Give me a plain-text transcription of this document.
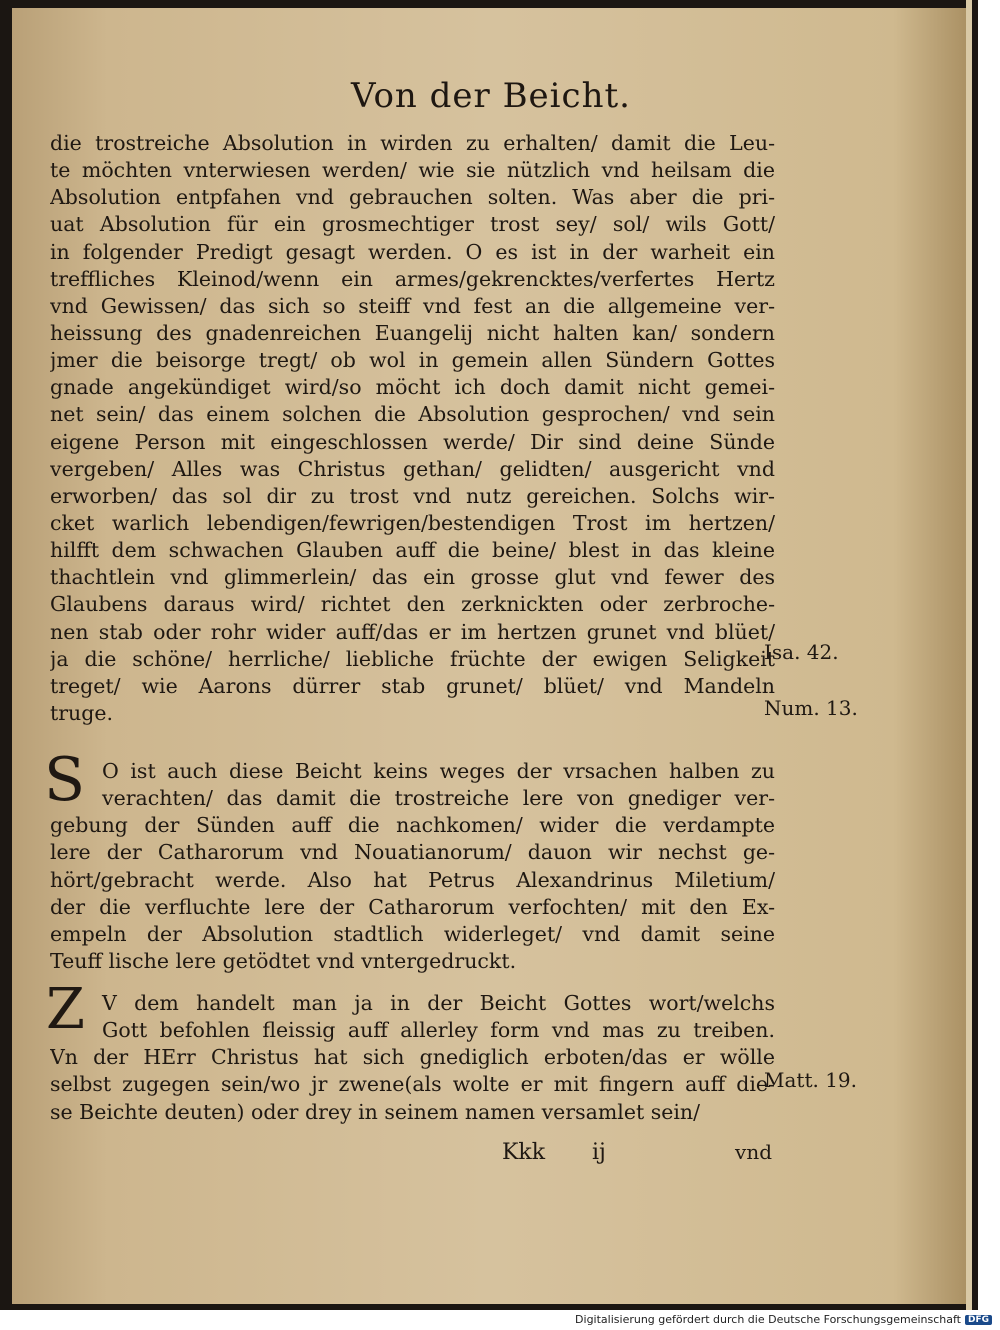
Von der Beicht.
die trostreiche Absolution in wirden zu erhalten/ damit die Leu-
te möchten vnterwiesen werden/ wie sie nützlich vnd heilsam die
Absolution entpfahen vnd gebrauchen solten. Was aber die pri-
uat Absolution für ein grosmechtiger trost sey/ sol/ wils Gott/
in folgender Predigt gesagt werden. O es ist in der warheit ein
treffliches Kleinod/wenn ein armes/gekrencktes/verfertes Hertz
vnd Gewissen/ das sich so steiff vnd fest an die allgemeine ver-
heissung des gnadenreichen Euangelij nicht halten kan/ sondern
jmer die beisorge tregt/ ob wol in gemein allen Sündern Gottes
gnade angekündiget wird/so möcht ich doch damit nicht gemei-
net sein/ das einem solchen die Absolution gesprochen/ vnd sein
eigene Person mit eingeschlossen werde/ Dir sind deine Sünde
vergeben/ Alles was Christus gethan/ gelidten/ ausgericht vnd
erworben/ das sol dir zu trost vnd nutz gereichen. Solchs wir-
cket warlich lebendigen/fewrigen/bestendigen Trost im hertzen/
hilfft dem schwachen Glauben auff die beine/ blest in das kleine
thachtlein vnd glimmerlein/ das ein grosse glut vnd fewer des
Glaubens daraus wird/ richtet den zerknickten oder zerbroche-
nen stab oder rohr wider auff/das er im hertzen grunet vnd blüet/
ja die schöne/ herrliche/ liebliche früchte der ewigen Seligkeit
treget/ wie Aarons dürrer stab grunet/ blüet/ vnd Mandeln
truge.
S O ist auch diese Beicht keins weges der vrsachen halben zu
verachten/ das damit die trostreiche lere von gnediger ver-
gebung der Sünden auff die nachkomen/ wider die verdampte
lere der Catharorum vnd Nouatianorum/ dauon wir nechst ge-
hört/gebracht werde. Also hat Petrus Alexandrinus Miletium/
der die verfluchte lere der Catharorum verfochten/ mit den Ex-
empeln der Absolution stadtlich widerleget/ vnd damit seine
Teuff lische lere getödtet vnd vntergedruckt.
Z V dem handelt man ja in der Beicht Gottes wort/welchs
Gott befohlen fleissig auff allerley form vnd mas zu treiben.
Vn der HErr Christus hat sich gnediglich erboten/das er wölle
selbst zugegen sein/wo jr zwene(als wolte er mit fingern auff die-
se Beichte deuten) oder drey in seinem namen versamlet sein/
Isa. 42.
Num. 13.
Matt. 19.
Kkk ij	vnd
Digitalisierung gefördert durch die Deutsche Forschungsgemeinschaft DFG
